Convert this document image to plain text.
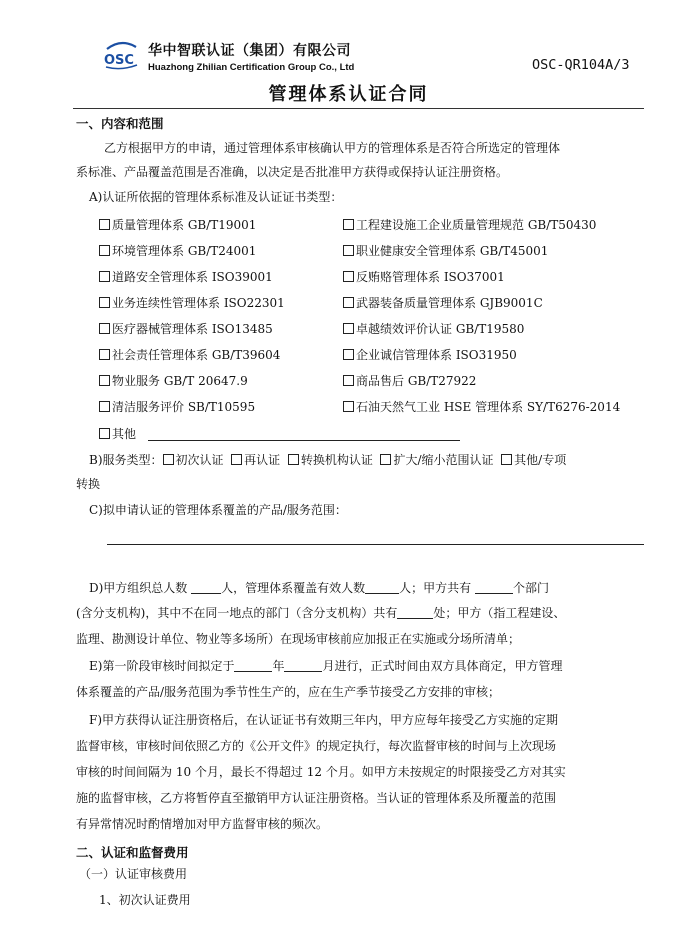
OSC
华中智联认证（集团）有限公司
Huazhong Zhilian Certification Group Co., Ltd	OSC-QR104A/3
管理体系认证合同
一、内容和范围
乙方根据甲方的申请，通过管理体系审核确认甲方的管理体系是否符合所选定的管理体
系标准、产品覆盖范围是否准确，以决定是否批准甲方获得或保持认证注册资格。
A)认证所依据的管理体系标准及认证证书类型：
质量管理体系 GB/T19001	工程建设施工企业质量管理规范 GB/T50430
环境管理体系 GB/T24001	职业健康安全管理体系 GB/T45001
道路安全管理体系 ISO39001	反贿赂管理体系 ISO37001
业务连续性管理体系 ISO22301	武器装备质量管理体系 GJB9001C
医疗器械管理体系 ISO13485	卓越绩效评价认证 GB/T19580
社会责任管理体系 GB/T39604	企业诚信管理体系 ISO31950
物业服务 GB/T 20647.9	商品售后 GB/T27922
清洁服务评价 SB/T10595	石油天然气工业 HSE 管理体系 SY/T6276-2014
其他
B)服务类型： 初次认证 再认证 转换机构认证 扩大/缩小范围认证 其他/专项
转换
C)拟申请认证的管理体系覆盖的产品/服务范围：
D)甲方组织总人数	人，管理体系覆盖有效人数	人；甲方共有	个部门
(含分支机构)，其中不在同一地点的部门（含分支机构）共有	处；甲方（指工程建设、
监理、勘测设计单位、物业等多场所）在现场审核前应加报正在实施或分场所清单；
E)第一阶段审核时间拟定于	年	月进行，正式时间由双方具体商定，甲方管理
体系覆盖的产品/服务范围为季节性生产的，应在生产季节接受乙方安排的审核；
F)甲方获得认证注册资格后，在认证证书有效期三年内，甲方应每年接受乙方实施的定期
监督审核，审核时间依照乙方的《公开文件》的规定执行，每次监督审核的时间与上次现场
审核的时间间隔为 10 个月，最长不得超过 12 个月。如甲方未按规定的时限接受乙方对其实
施的监督审核，乙方将暂停直至撤销甲方认证注册资格。当认证的管理体系及所覆盖的范围
有异常情况时酌情增加对甲方监督审核的频次。
二、认证和监督费用
（一）认证审核费用
1、初次认证费用
